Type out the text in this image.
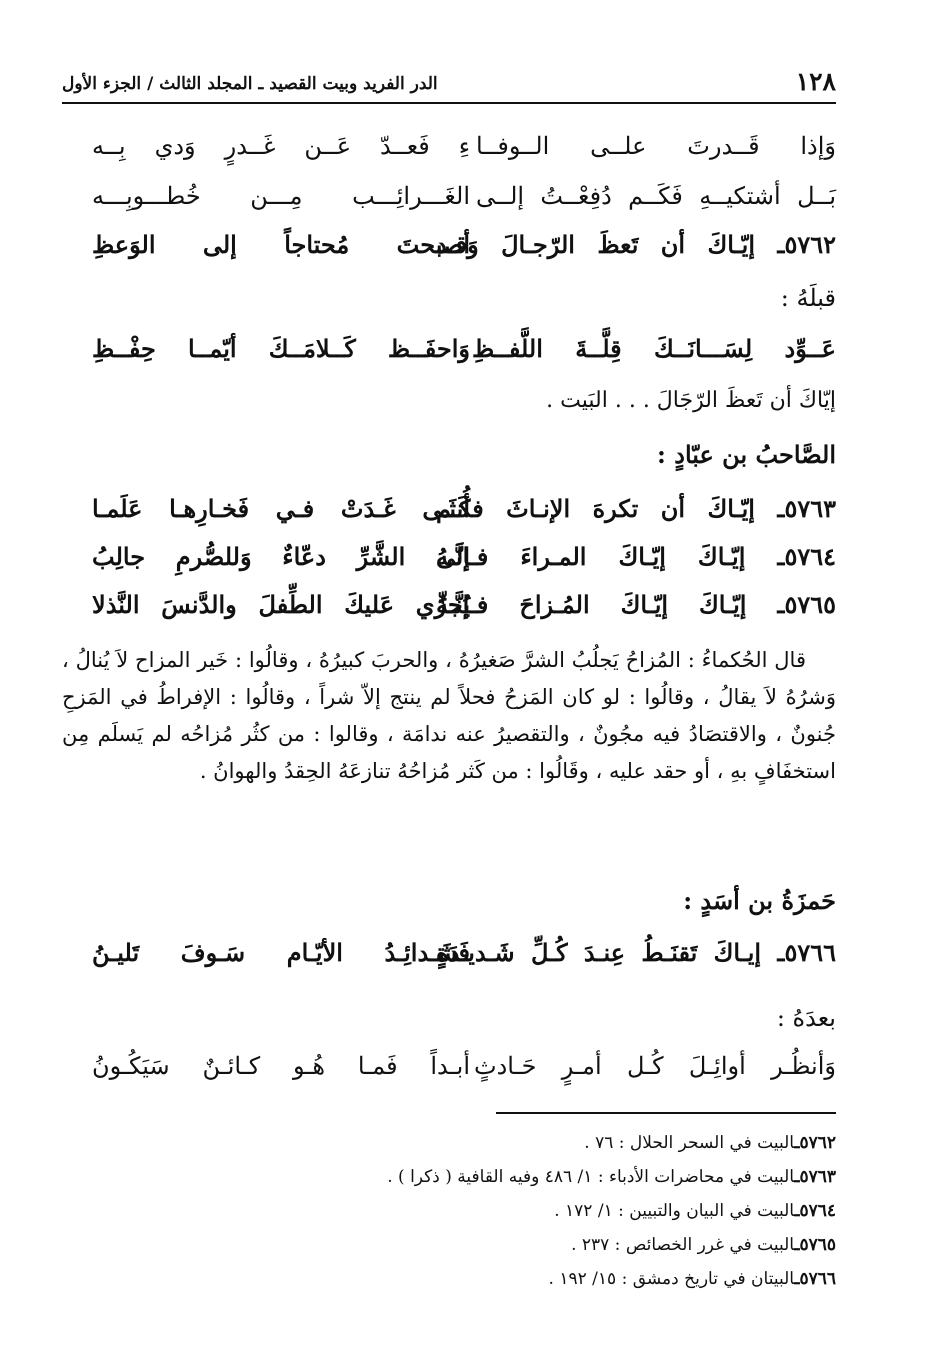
١٢٨
الدر الفريد وبيت القصيد ـ المجلد الثالث / الجزء الأول
وَإذا قَــدرتَ علــى الــوفــا
ءِ فَعــدّ عَــن غَــدرٍ وَدي بِــه
بَــل أشتكيــهِ فَكَــم دُفِعْــتُ إلــى
الغَـــرائِـــب مِـــن خُطـــوبِـــه
٥٧٦٢ـ إيّـاكَ أن تَعظَ الرّجـالَ وَقـد
أصبحتَ مُحتاجاً إلى الوَعظِ
قبلَهُ :
عَــوِّد لِسَـــانَــكَ قِلَّــةَ اللَّفــظِ
وَاحفَــظ كَــلامَــكَ أيّمــا حِفْــظِ
إيّاكَ أن تَعظَ الرّجَالَ . . . البَيت .
الصَّاحبُ بن عبّادٍ :
٥٧٦٣ـ إيّـاكَ أن تكرهَ الإنـاثَ فكَـم
أُنثَـى غَـدَتْ فـي فَخـارِهـا عَلَمـا
٥٧٦٤ـ إيّـاكَ إيّـاكَ المـراءَ فـإنَّـهُ
إلَى الشَّرِّ دعّاءٌ وَللصُّرمِ جالِبُ
٥٧٦٥ـ إيّـاكَ إيّـاكَ المُـزاحَ فـإنَّـهُ
يُجزِّي عَليكَ الطِّفلَ والدَّنسَ النَّذلا

قال الحُكماءُ : المُزاحُ يَجلُبُ الشرَّ صَغيرُهُ ، والحربَ كبيرُهُ ، وقالُوا : خَير المزاح لاَ يُنالُ ، وَشرُهُ لاَ يقالُ ، وقالُوا : لو كان المَزحُ فحلاً لم ينتج إلاّ شراً ، وقالُوا : الإفراطُ في المَزحِ جُنونٌ ، والاقتصَادُ فيه مجُونٌ ، والتقصيرُ عنه ندامَة ، وقالوا : من كثُر مُزاحُه لم يَسلَم مِن استخفَافٍ بهِ ، أو حقد عليه ، وقَالُوا : من كَثر مُزاحُهُ تنازعَهُ الحِقدُ والهوانُ .

حَمزَةُ بن أسَدٍ :
٥٧٦٦ـ إيـاكَ تَقنَـطُ عِنـدَ كُـلِّ شَـديـدَةٍ
فَشَـدائِـدُ الأيّـام سَـوفَ تَليـنُ
بعدَهُ :
وَأنظُـر أوائِـلَ كُـل أمـرٍ حَـادثٍ
أبـداً فَمـا هُـو كـائـنٌ سَيَكُـونُ
٥٧٦٢ـالبيت في السحر الحلال : ٧٦ .
٥٧٦٣ـالبيت في محاضرات الأدباء : ١/ ٤٨٦ وفيه القافية ( ذكرا ) .
٥٧٦٤ـالبيت في البيان والتبيين : ١/ ١٧٢ .
٥٧٦٥ـالبيت في غرر الخصائص : ٢٣٧ .
٥٧٦٦ـالبيتان في تاريخ دمشق : ١٥/ ١٩٢ .
